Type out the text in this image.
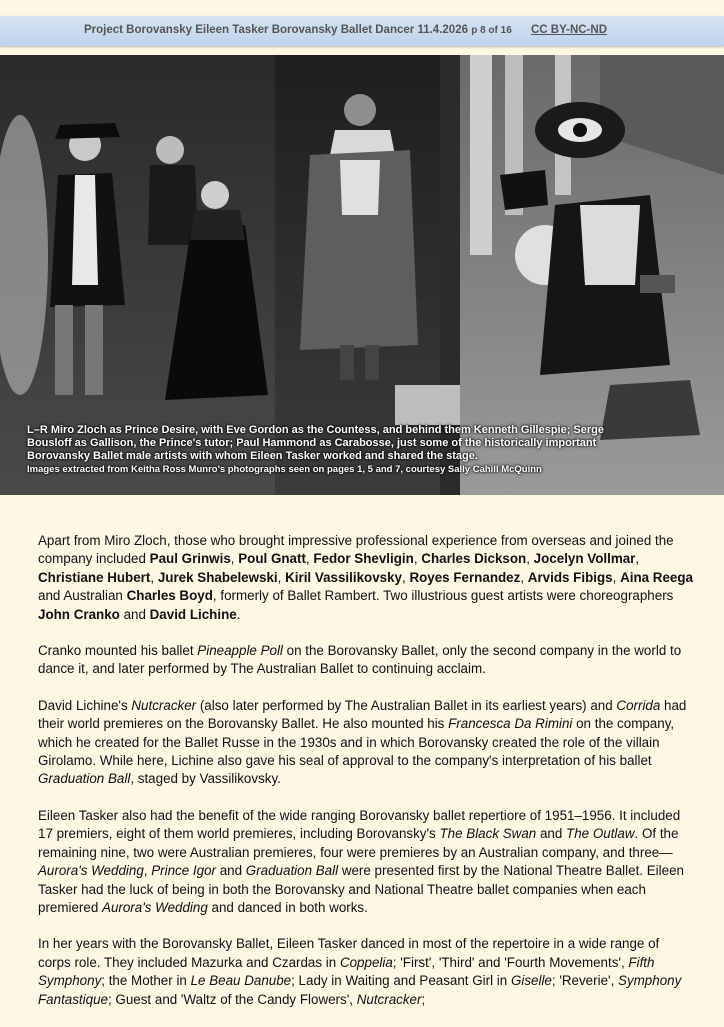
Project Borovansky Eileen Tasker Borovansky Ballet Dancer 11.4.2026 p 8 of 16 CC BY-NC-ND
L–R Miro Zloch as Prince Desire, with Eve Gordon as the Countess, and behind them Kenneth Gillespie; Serge
Bousloff as Gallison, the Prince's tutor; Paul Hammond as Carabosse, just some of the historically important
Borovansky Ballet male artists with whom Eileen Tasker worked and shared the stage.
Images extracted from Keitha Ross Munro's photographs seen on pages 1, 5 and 7, courtesy Sally Cahill McQuinn

Apart from Miro Zloch, those who brought impressive professional experience from overseas and joined the company included Paul Grinwis, Poul Gnatt, Fedor Shevligin, Charles Dickson, Jocelyn Vollmar, Christiane Hubert, Jurek Shabelewski, Kiril Vassilikovsky, Royes Fernandez, Arvids Fibigs, Aina Reega and Australian Charles Boyd, formerly of Ballet Rambert. Two illustrious guest artists were choreographers John Cranko and David Lichine.

Cranko mounted his ballet Pineapple Poll on the Borovansky Ballet, only the second company in the world to dance it, and later performed by The Australian Ballet to continuing acclaim.

David Lichine's Nutcracker (also later performed by The Australian Ballet in its earliest years) and Corrida had their world premieres on the Borovansky Ballet. He also mounted his Francesca Da Rimini on the company, which he created for the Ballet Russe in the 1930s and in which Borovansky created the role of the villain Girolamo. While here, Lichine also gave his seal of approval to the company's interpretation of his ballet Graduation Ball, staged by Vassilikovsky.

Eileen Tasker also had the benefit of the wide ranging Borovansky ballet repertiore of 1951–1956. It included 17 premiers, eight of them world premieres, including Borovansky's The Black Swan and The Outlaw. Of the remaining nine, two were Australian premieres, four were premieres by an Australian company, and three—Aurora's Wedding, Prince Igor and Graduation Ball were presented first by the National Theatre Ballet. Eileen Tasker had the luck of being in both the Borovansky and National Theatre ballet companies when each premiered Aurora's Wedding and danced in both works.

In her years with the Borovansky Ballet, Eileen Tasker danced in most of the repertoire in a wide range of corps role. They included Mazurka and Czardas in Coppelia; 'First', 'Third' and 'Fourth Movements', Fifth Symphony; the Mother in Le Beau Danube; Lady in Waiting and Peasant Girl in Giselle; 'Reverie', Symphony Fantastique; Guest and 'Waltz of the Candy Flowers', Nutcracker;
